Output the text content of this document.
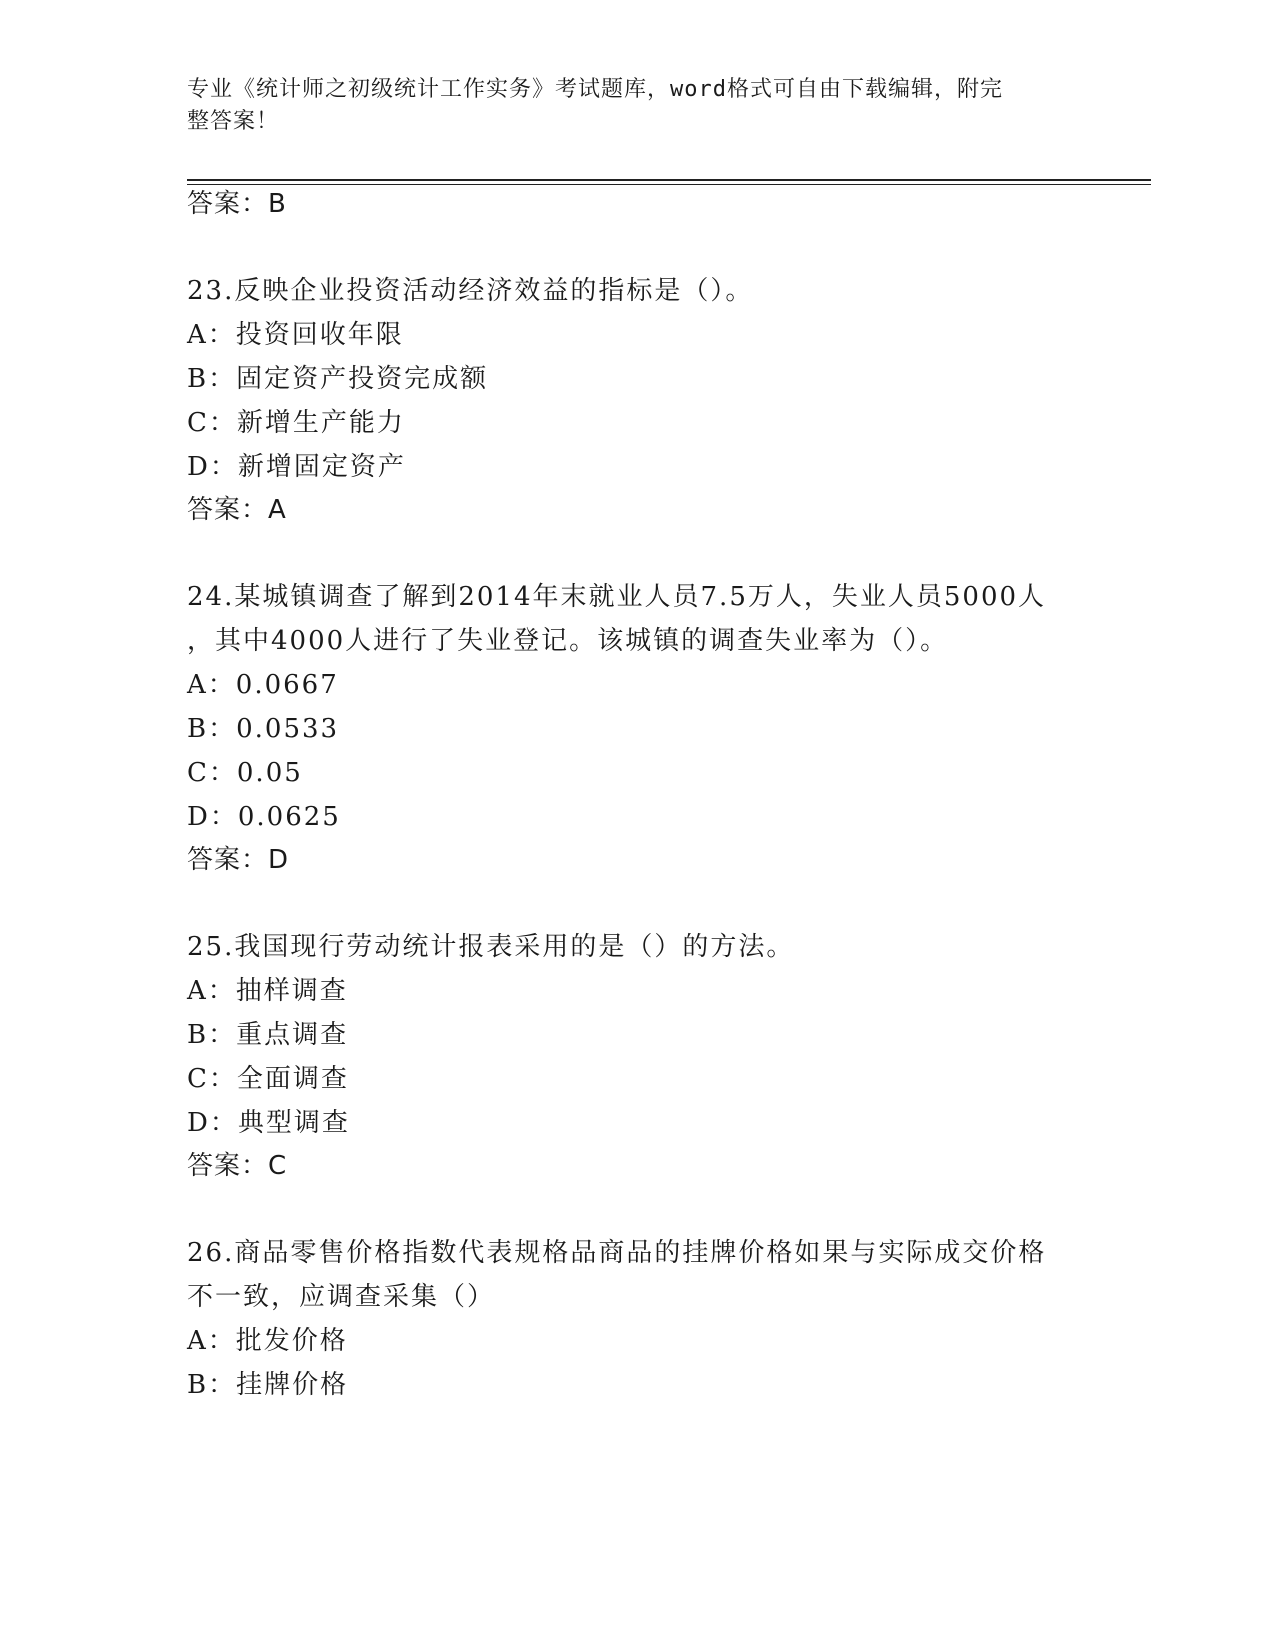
专业《统计师之初级统计工作实务》考试题库，word格式可自由下载编辑，附完
整答案！
答案：B
23.反映企业投资活动经济效益的指标是（）。
A：投资回收年限
B：固定资产投资完成额
C：新增生产能力
D：新增固定资产
答案：A
24.某城镇调查了解到2014年末就业人员7.5万人，失业人员5000人
，其中4000人进行了失业登记。该城镇的调查失业率为（）。
A：0.0667
B：0.0533
C：0.05
D：0.0625
答案：D
25.我国现行劳动统计报表采用的是（）的方法。
A：抽样调查
B：重点调查
C：全面调查
D：典型调查
答案：C
26.商品零售价格指数代表规格品商品的挂牌价格如果与实际成交价格
不一致，应调查采集（）
A：批发价格
B：挂牌价格
